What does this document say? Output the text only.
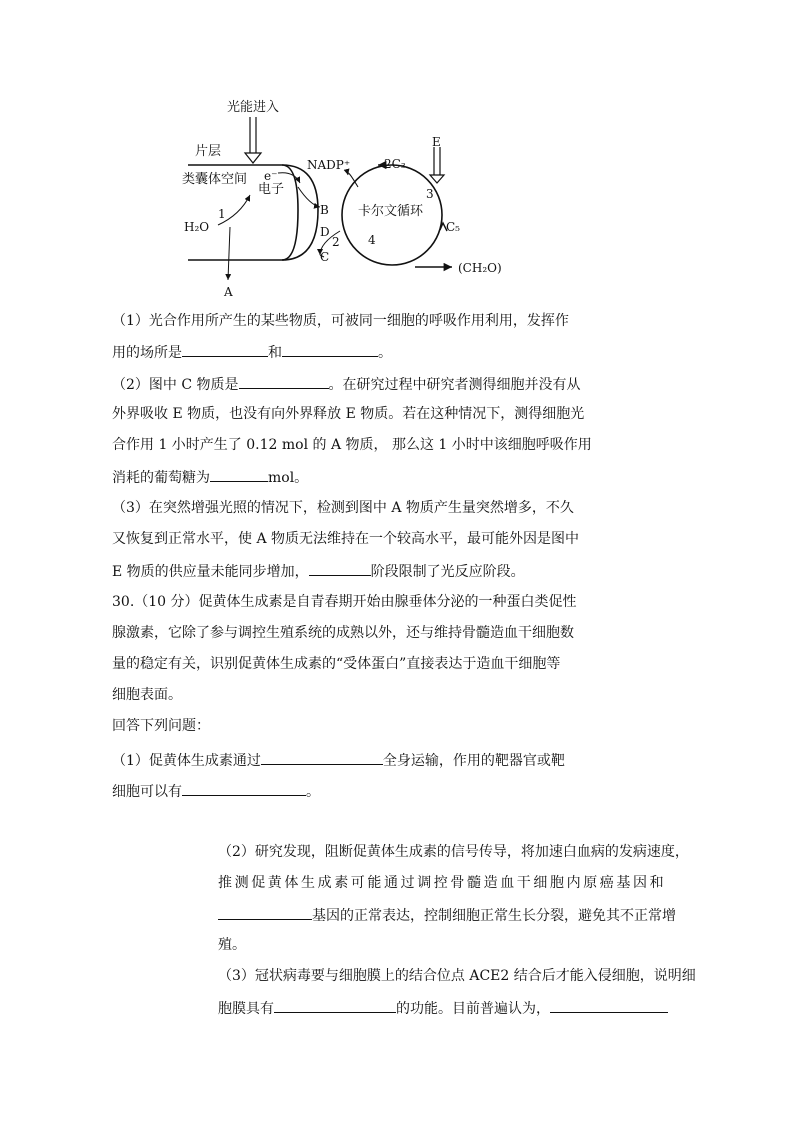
光能进入
片层
类囊体空间 e⁻
电子
H₂O
1
A
NADP⁺
B
D
2
C
卡尔文循环
2C₃
E
3
4
C₅
(CH₂O)
（1）光合作用所产生的某些物质，可被同一细胞的呼吸作用利用，发挥作
用的场所是	和	。
（2）图中 C 物质是	。在研究过程中研究者测得细胞并没有从
外界吸收 E 物质，也没有向外界释放 E 物质。若在这种情况下，测得细胞光
合作用 1 小时产生了 0.12 mol 的 A 物质， 那么这 1 小时中该细胞呼吸作用
消耗的葡萄糖为	mol。
（3）在突然增强光照的情况下，检测到图中 A 物质产生量突然增多，不久
又恢复到正常水平，使 A 物质无法维持在一个较高水平，最可能外因是图中
E 物质的供应量未能同步增加，	阶段限制了光反应阶段。
30.（10 分）促黄体生成素是自青春期开始由腺垂体分泌的一种蛋白类促性
腺激素，它除了参与调控生殖系统的成熟以外，还与维持骨髓造血干细胞数
量的稳定有关，识别促黄体生成素的“受体蛋白”直接表达于造血干细胞等
细胞表面。
回答下列问题：
（1）促黄体生成素通过	全身运输，作用的靶器官或靶
细胞可以有	。
（2）研究发现，阻断促黄体生成素的信号传导，将加速白血病的发病速度，
推测促黄体生成素可能通过调控骨髓造血干细胞内原癌基因和
基因的正常表达，控制细胞正常生长分裂，避免其不正常增
殖。
（3）冠状病毒要与细胞膜上的结合位点 ACE2 结合后才能入侵细胞，说明细
胞膜具有	的功能。目前普遍认为，
